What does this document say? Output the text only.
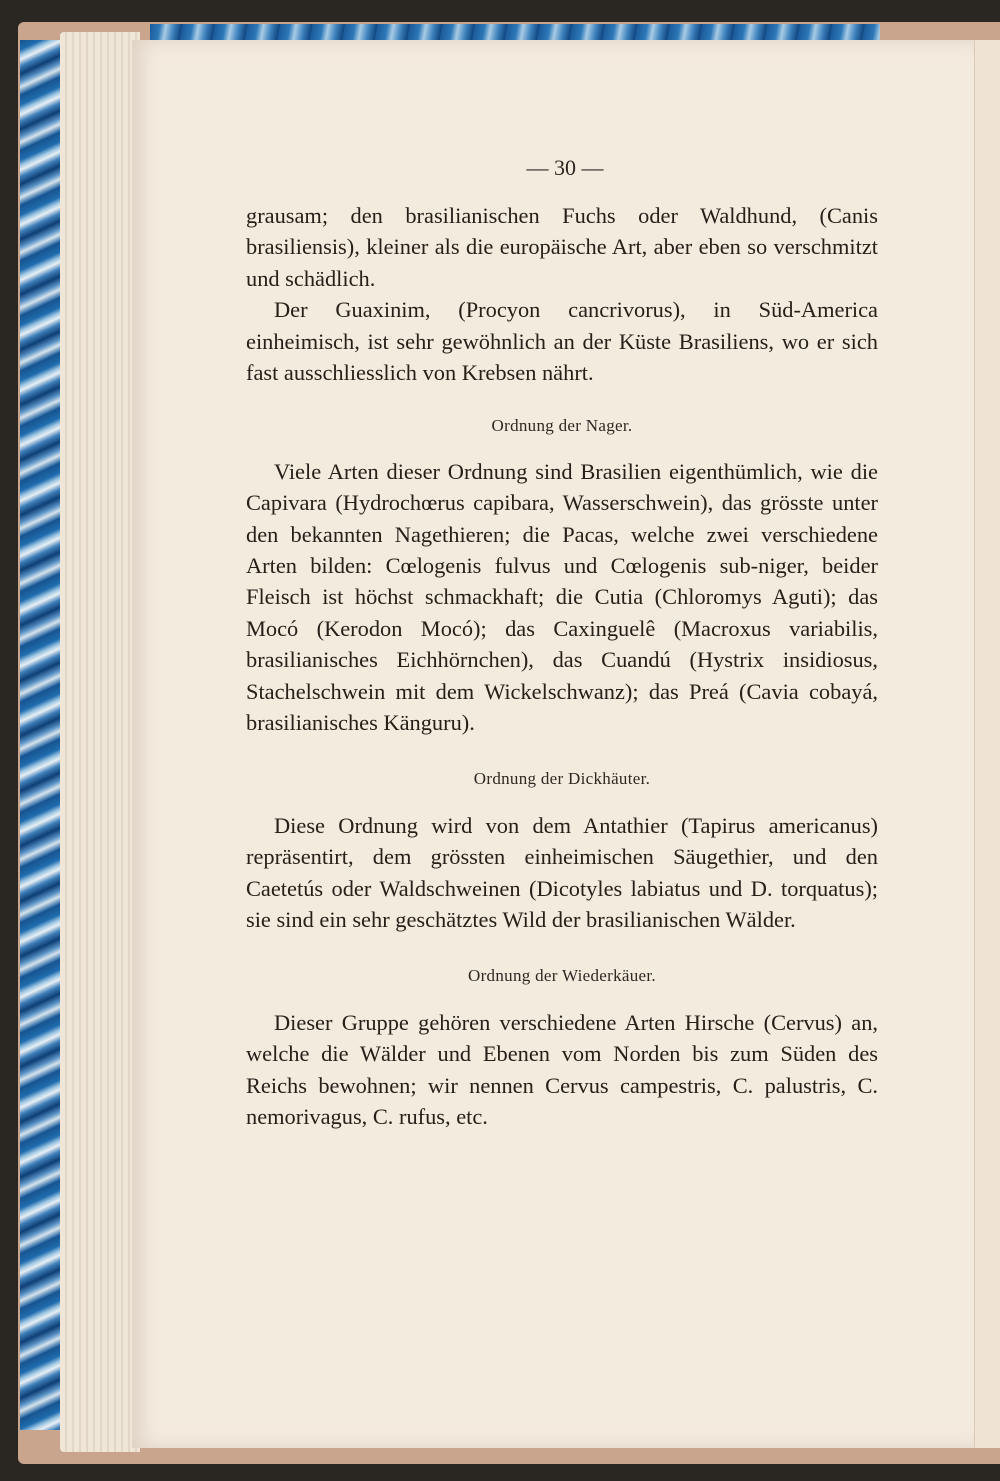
— 30 —

grausam; den brasilianischen Fuchs oder Waldhund, (Canis brasiliensis), kleiner als die europäische Art, aber eben so verschmitzt und schädlich.

Der Guaxinim, (Procyon cancrivorus), in Süd-America einheimisch, ist sehr gewöhnlich an der Küste Brasiliens, wo er sich fast ausschliesslich von Krebsen nährt.

Ordnung der Nager.

Viele Arten dieser Ordnung sind Brasilien eigenthümlich, wie die Capivara (Hydrochœrus capibara, Wasserschwein), das grösste unter den bekannten Nagethieren; die Pacas, welche zwei verschiedene Arten bilden: Cœlogenis fulvus und Cœlogenis sub-niger, beider Fleisch ist höchst schmackhaft; die Cutia (Chloromys Aguti); das Mocó (Kerodon Mocó); das Caxinguelê (Macroxus variabilis, brasilianisches Eichhörnchen), das Cuandú (Hystrix insidiosus, Stachelschwein mit dem Wickelschwanz); das Preá (Cavia cobayá, brasilianisches Känguru).

Ordnung der Dickhäuter.

Diese Ordnung wird von dem Antathier (Tapirus americanus) repräsentirt, dem grössten einheimischen Säugethier, und den Caetetús oder Waldschweinen (Dicotyles labiatus und D. torquatus); sie sind ein sehr geschätztes Wild der brasilianischen Wälder.

Ordnung der Wiederkäuer.

Dieser Gruppe gehören verschiedene Arten Hirsche (Cervus) an, welche die Wälder und Ebenen vom Norden bis zum Süden des Reichs bewohnen; wir nennen Cervus campestris, C. palustris, C. nemorivagus, C. rufus, etc.
